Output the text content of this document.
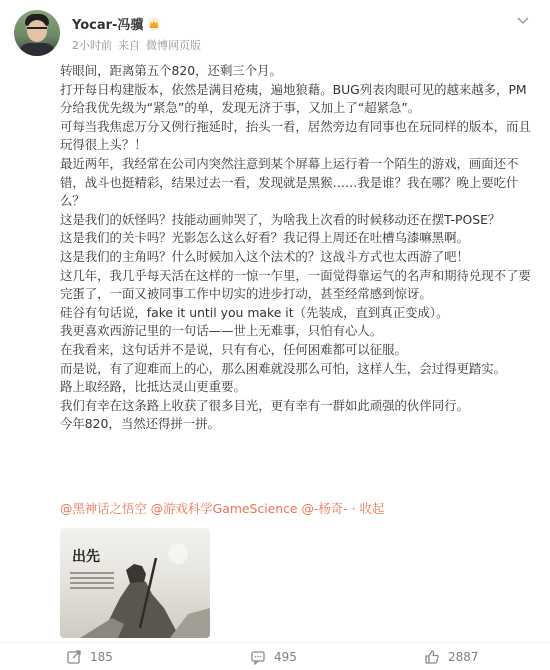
Yocar-冯骥
2小时前 来自 微博网页版

转眼间，距离第五个820，还剩三个月。

打开每日构建版本，依然是满目疮痍，遍地狼藉。BUG列表肉眼可见的越来越多，PM分给我优先级为“紧急”的单，发现无济于事，又加上了“超紧急”。

可每当我焦虑万分又例行拖延时，抬头一看，居然旁边有同事也在玩同样的版本，而且玩得很上头？！

最近两年，我经常在公司内突然注意到某个屏幕上运行着一个陌生的游戏，画面还不错，战斗也挺精彩，结果过去一看，发现就是黑猴……我是谁？我在哪？晚上要吃什么？

这是我们的妖怪吗？技能动画帅哭了，为啥我上次看的时候移动还在摆T-POSE？

这是我们的关卡吗？光影怎么这么好看？我记得上周还在吐槽乌漆嘛黑啊。

这是我们的主角吗？什么时候加入这个法术的？这战斗方式也太西游了吧！

这几年，我几乎每天活在这样的一惊一乍里，一面觉得靠运气的名声和期待兑现不了要完蛋了，一面又被同事工作中切实的进步打动，甚至经常感到惊讶。

硅谷有句话说，fake it until you make it（先装成，直到真正变成）。

我更喜欢西游记里的一句话——世上无难事，只怕有心人。

在我看来，这句话并不是说，只有有心，任何困难都可以征服。

而是说，有了迎难而上的心，那么困难就没那么可怕，这样人生，会过得更踏实。

路上取经路，比抵达灵山更重要。

我们有幸在这条路上收获了很多目光，更有幸有一群如此顽强的伙伴同行。

今年820，当然还得拼一拼。

@黑神话之悟空 @游戏科学GameScience @-杨奇- · 收起
出先
185	495	2887
